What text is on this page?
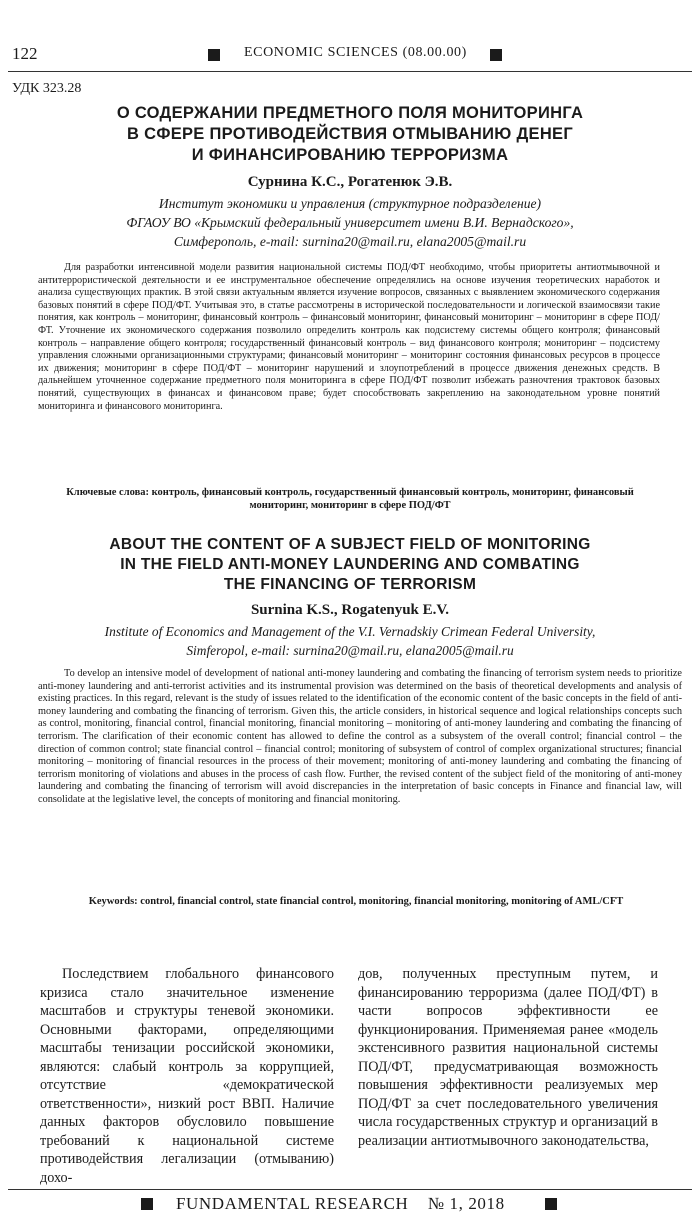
122	ECONOMIC SCIENCES (08.00.00)
УДК 323.28
О СОДЕРЖАНИИ ПРЕДМЕТНОГО ПОЛЯ МОНИТОРИНГА
В СФЕРЕ ПРОТИВОДЕЙСТВИЯ ОТМЫВАНИЮ ДЕНЕГ
И ФИНАНСИРОВАНИЮ ТЕРРОРИЗМА
Сурнина К.С., Рогатенюк Э.В.
Институт экономики и управления (структурное подразделение)
ФГАОУ ВО «Крымский федеральный университет имени В.И. Вернадского»,
Симферополь, e-mail: surnina20@mail.ru, elana2005@mail.ru

Для разработки интенсивной модели развития национальной системы ПОД/ФТ необходимо, чтобы приоритеты антиотмывочной и антитеррористической деятельности и ее инструментальное обеспечение определялись на основе изучения теоретических наработок и анализа существующих практик. В этой связи актуальным является изучение вопросов, связанных с выявлением экономического содержания базовых понятий в сфере ПОД/ФТ. Учитывая это, в статье рассмотрены в исторической последовательности и логической взаимосвязи такие понятия, как контроль – мониторинг, финансовый контроль – финансовый мониторинг, финансовый мониторинг – мониторинг в сфере ПОД/ФТ. Уточнение их экономического содержания позволило определить контроль как подсистему системы общего контроля; финансовый контроль – направление общего контроля; государственный финансовый контроль – вид финансового контроля; мониторинг – подсистему управления сложными организационными структурами; финансовый мониторинг – мониторинг состояния финансовых ресурсов в процессе их движения; мониторинг в сфере ПОД/ФТ – мониторинг нарушений и злоупотреблений в процессе движения денежных средств. В дальнейшем уточненное содержание предметного поля мониторинга в сфере ПОД/ФТ позволит избежать разночтения трактовок базовых понятий, существующих в финансах и финансовом праве; будет способствовать закреплению на законодательном уровне понятий мониторинга и финансового мониторинга.

Ключевые слова: контроль, финансовый контроль, государственный финансовый контроль, мониторинг, финансовый мониторинг, мониторинг в сфере ПОД/ФТ

ABOUT THE CONTENT OF A SUBJECT FIELD OF MONITORING
IN THE FIELD ANTI-MONEY LAUNDERING AND COMBATING
THE FINANCING OF TERRORISM
Surnina K.S., Rogatenyuk E.V.
Institute of Economics and Management of the V.I. Vernadskiy Crimean Federal University,
Simferopol, e-mail: surnina20@mail.ru, elana2005@mail.ru

To develop an intensive model of development of national anti-money laundering and combating the financing of terrorism system needs to prioritize anti-money laundering and anti-terrorist activities and its instrumental provision was determined on the basis of theoretical developments and analysis of existing practices. In this regard, relevant is the study of issues related to the identification of the economic content of the basic concepts in the field of anti-money laundering and combating the financing of terrorism. Given this, the article considers, in historical sequence and logical relationships concepts such as control, monitoring, financial control, financial monitoring, financial monitoring – monitoring of anti-money laundering and combating the financing of terrorism. The clarification of their economic content has allowed to define the control as a subsystem of the overall control; financial control – the direction of common control; state financial control – financial control; monitoring of subsystem of control of complex organizational structures; financial monitoring – monitoring of financial resources in the process of their movement; monitoring of anti-money laundering and combating the financing of terrorism monitoring of violations and abuses in the process of cash flow. Further, the revised content of the subject field of the monitoring of anti-money laundering and combating the financing of terrorism will avoid discrepancies in the interpretation of basic concepts in Finance and financial law, will consolidate at the legislative level, the concepts of monitoring and financial monitoring.

Keywords: control, financial control, state financial control, monitoring, financial monitoring, monitoring of AML/CFT

Последствием глобального финансового кризиса стало значительное изменение масштабов и структуры теневой экономики. Основными факторами, определяющими масштабы тенизации российской экономики, являются: слабый контроль за коррупцией, отсутствие «демократической ответственности», низкий рост ВВП. Наличие данных факторов обусловило повышение требований к национальной системе противодействия легализации (отмыванию) дохо-

дов, полученных преступным путем, и финансированию терроризма (далее ПОД/ФТ) в части вопросов эффективности ее функционирования. Применяемая ранее «модель экстенсивного развития национальной системы ПОД/ФТ, предусматривающая возможность повышения эффективности реализуемых мер ПОД/ФТ за счет последовательного увеличения числа государственных структур и организаций в реализации антиотмывочного законодательства,

FUNDAMENTAL RESEARCH № 1, 2018
